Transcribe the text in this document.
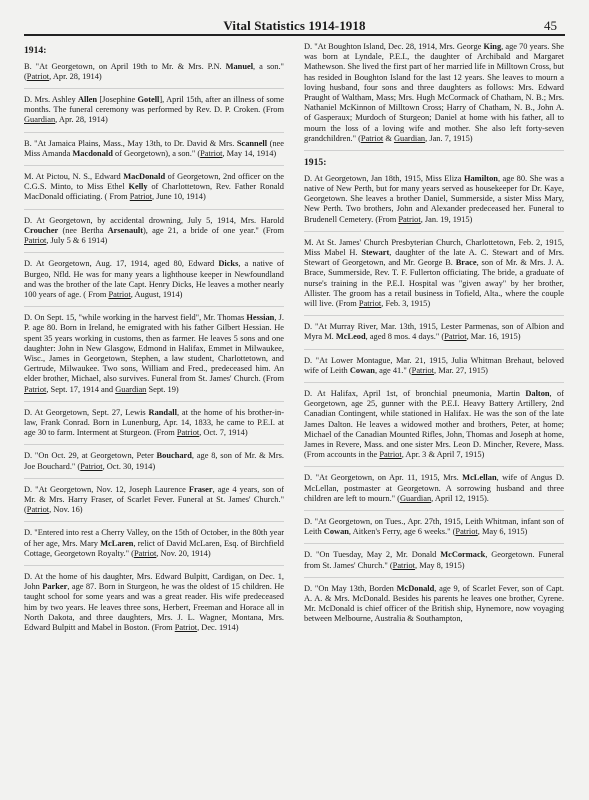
Vital Statistics 1914-1918	45
1914:
B. "At Georgetown, on April 19th to Mr. & Mrs. P.N. Manuel, a son." (Patriot, Apr. 28, 1914)
D. Mrs. Ashley Allen [Josephine Gotell], April 15th, after an illness of some months. The funeral ceremony was performed by Rev. D. P. Croken. (From Guardian, Apr. 28, 1914)
B. "At Jamaica Plains, Mass., May 13th, to Dr. David & Mrs. Scannell (nee Miss Amanda Macdonald of Georgetown), a son." (Patriot, May 14, 1914)
M. At Pictou, N. S., Edward MacDonald of Georgetown, 2nd officer on the C.G.S. Minto, to Miss Ethel Kelly of Charlottetown, Rev. Father Ronald MacDonald officiating. ( From Patriot, June 10, 1914)
D. At Georgetown, by accidental drowning, July 5, 1914, Mrs. Harold Croucher (nee Bertha Arsenault), age 21, a bride of one year." (From Patriot, July 5 & 6 1914)
D. At Georgetown, Aug. 17, 1914, aged 80, Edward Dicks, a native of Burgeo, Nfld. He was for many years a lighthouse keeper in Newfoundland and was the brother of the late Capt. Henry Dicks, He leaves a mother nearly 100 years of age. ( From Patriot, August, 1914)
D. On Sept. 15, "while working in the harvest field", Mr. Thomas Hessian, J. P. age 80. Born in Ireland, he emigrated with his father Gilbert Hessian. He spent 35 years working in customs, then as farmer. He leaves 5 sons and one daughter: John in New Glasgow, Edmond in Halifax, Emmet in Milwaukee, Wisc., James in Georgetown, Stephen, a law student, Charlottetown, and Gertrude, Milwaukee. Two sons, William and Fred., predeceased him. An elder brother, Michael, also survives. Funeral from St. James' Church. (From Patriot, Sept. 17, 1914 and Guardian Sept. 19)
D. At Georgetown, Sept. 27, Lewis Randall, at the home of his brother-in-law, Frank Conrad. Born in Lunenburg, Apr. 14, 1833, he came to P.E.I. at age 30 to farm. Interment at Sturgeon. (From Patriot, Oct. 7, 1914)
D. "On Oct. 29, at Georgetown, Peter Bouchard, age 8, son of Mr. & Mrs. Joe Bouchard." (Patriot, Oct. 30, 1914)
D. "At Georgetown, Nov. 12, Joseph Laurence Fraser, age 4 years, son of Mr. & Mrs. Harry Fraser, of Scarlet Fever. Funeral at St. James' Church." (Patriot, Nov. 16)
D. "Entered into rest a Cherry Valley, on the 15th of October, in the 80th year of her age, Mrs. Mary McLaren, relict of David McLaren, Esq. of Birchfield Cottage, Georgetown Royalty." (Patriot, Nov. 20, 1914)
D. At the home of his daughter, Mrs. Edward Bulpitt, Cardigan, on Dec. 1, John Parker, age 87. Born in Sturgeon, he was the oldest of 15 children. He taught school for some years and was a great reader. His wife predeceased him by two years. He leaves three sons, Herbert, Freeman and Horace all in North Dakota, and three daughters, Mrs. J. L. Wagner, Montana, Mrs. Edward Bulpitt and Mabel in Boston. (From Patriot, Dec. 1914)
D. "At Boughton Island, Dec. 28, 1914, Mrs. George King, age 70 years. She was born at Lyndale, P.E.I., the daughter of Archibald and Margaret Mathewson. She lived the first part of her married life in Milltown Cross, but has resided in Boughton Island for the last 12 years. She leaves to mourn a loving husband, four sons and three daughters as follows: Mrs. Edward Praught of Waltham, Mass; Mrs. Hugh McCormack of Chatham, N. B.; Mrs. Nathaniel McKinnon of Milltown Cross; Harry of Chatham, N. B., John A. of Gasperaux; Murdoch of Sturgeon; Daniel at home with his father, all to mourn the loss of a loving wife and mother. She also left forty-seven grandchildren." (Patriot & Guardian, Jan. 7, 1915)
1915:
D. At Georgetown, Jan 18th, 1915, Miss Eliza Hamilton, age 80. She was a native of New Perth, but for many years served as housekeeper for Dr. Kaye, Georgetown. She leaves a brother Daniel, Summerside, a sister Miss Mary, New Perth. Two brothers, John and Alexander predeceased her. Funeral to Brudenell Cemetery. (From Patriot, Jan. 19, 1915)
M. At St. James' Church Presbyterian Church, Charlottetown, Feb. 2, 1915, Miss Mabel H. Stewart, daughter of the late A. C. Stewart and of Mrs. Stewart of Georgetown, and Mr. George B. Brace, son of Mr. & Mrs. J. A. Brace, Summerside, Rev. T. F. Fullerton officiating. The bride, a graduate of nurse's training in the P.E.I. Hospital was "given away" by her brother, Allister. The groom has a retail business in Tofield, Alta., where the couple will live. (From Patriot, Feb. 3, 1915)
D. "At Murray River, Mar. 13th, 1915, Lester Parmenas, son of Albion and Myra M. McLeod, aged 8 mos. 4 days." (Patriot, Mar. 16, 1915)
D. "At Lower Montague, Mar. 21, 1915, Julia Whitman Brehaut, beloved wife of Leith Cowan, age 41." (Patriot, Mar. 27, 1915)
D. At Halifax, April 1st, of bronchial pneumonia, Martin Dalton, of Georgetown, age 25, gunner with the P.E.I. Heavy Battery Artillery, 2nd Canadian Contingent, while stationed in Halifax. He was the son of the late James Dalton. He leaves a widowed mother and brothers, Peter, at home; Michael of the Canadian Mounted Rifles, John, Thomas and Joseph at home, James in Revere, Mass. and one sister Mrs. Leon D. Mincher, Revere, Mass. (From accounts in the Patriot, Apr. 3 & April 7, 1915)
D. "At Georgetown, on Apr. 11, 1915, Mrs. McLellan, wife of Angus D. McLellan, postmaster at Georgetown. A sorrowing husband and three children are left to mourn." (Guardian, April 12, 1915).
D. "At Georgetown, on Tues., Apr. 27th, 1915, Leith Whitman, infant son of Leith Cowan, Aitken's Ferry, age 6 weeks." (Patriot, May 6, 1915)
D. "On Tuesday, May 2, Mr. Donald McCormack, Georgetown. Funeral from St. James' Church." (Patriot, May 8, 1915)
D. "On May 13th, Borden McDonald, age 9, of Scarlet Fever, son of Capt. A. A. & Mrs. McDonald. Besides his parents he leaves one brother, Cyrene. Mr. McDonald is chief officer of the British ship, Hynemore, now voyaging between Melbourne, Australia & Southampton,
